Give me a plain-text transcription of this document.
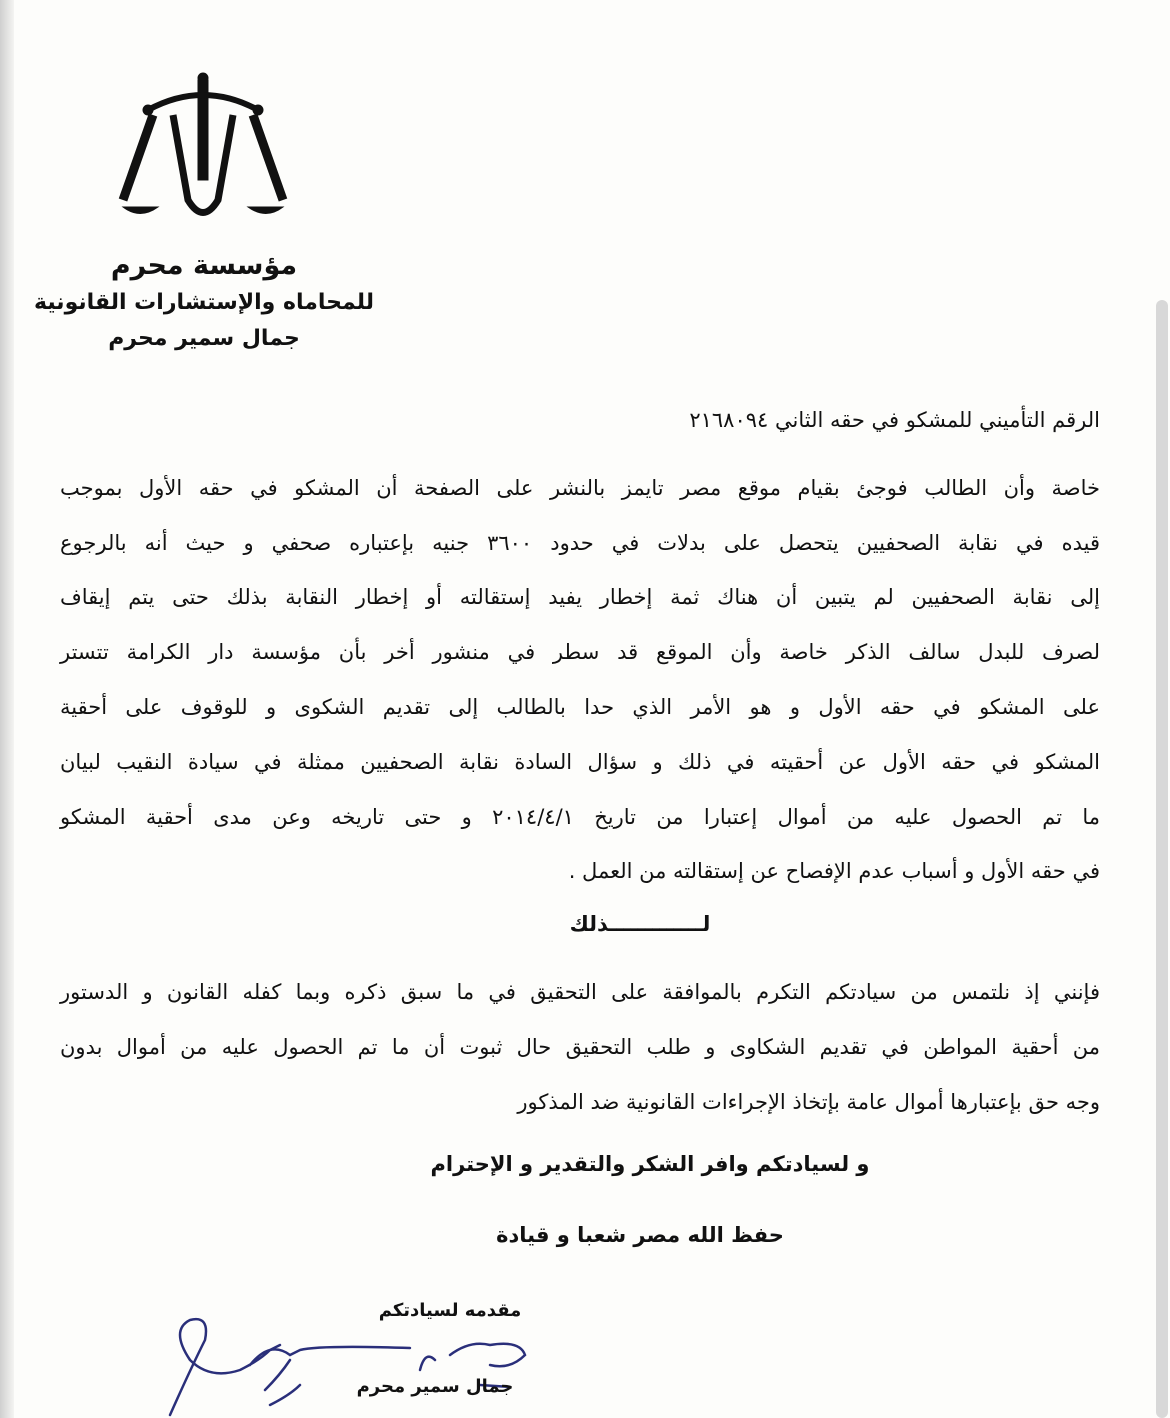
مؤسسة محرم
للمحاماه والإستشارات القانونية
جمال سمير محرم
الرقم التأميني للمشكو في حقه الثاني ٢١٦٨٠٩٤
خاصة وأن الطالب فوجئ بقيام موقع مصر تايمز بالنشر على الصفحة أن المشكو في حقه الأول بموجب
قيده في نقابة الصحفيين يتحصل على بدلات في حدود ٣٦٠٠ جنيه بإعتباره صحفي و حيث أنه بالرجوع
إلى نقابة الصحفيين لم يتبين أن هناك ثمة إخطار يفيد إستقالته أو إخطار النقابة بذلك حتى يتم إيقاف
لصرف للبدل سالف الذكر خاصة وأن الموقع قد سطر في منشور أخر بأن مؤسسة دار الكرامة تتستر
على المشكو في حقه الأول و هو الأمر الذي حدا بالطالب إلى تقديم الشكوى و للوقوف على أحقية
المشكو في حقه الأول عن أحقيته في ذلك و سؤال السادة نقابة الصحفيين ممثلة في سيادة النقيب لبيان
ما تم الحصول عليه من أموال إعتبارا من تاريخ ٢٠١٤/٤/١ و حتى تاريخه وعن مدى أحقية المشكو
في حقه الأول و أسباب عدم الإفصاح عن إستقالته من العمل .
لـــــــــــــذلك
فإنني إذ نلتمس من سيادتكم التكرم بالموافقة على التحقيق في ما سبق ذكره وبما كفله القانون و الدستور
من أحقية المواطن في تقديم الشكاوى و طلب التحقيق حال ثبوت أن ما تم الحصول عليه من أموال بدون
وجه حق بإعتبارها أموال عامة بإتخاذ الإجراءات القانونية ضد المذكور
و لسيادتكم وافر الشكر والتقدير و الإحترام
حفظ الله مصر شعبا و قيادة
مقدمه لسيادتكم
جمال سمير محرم
